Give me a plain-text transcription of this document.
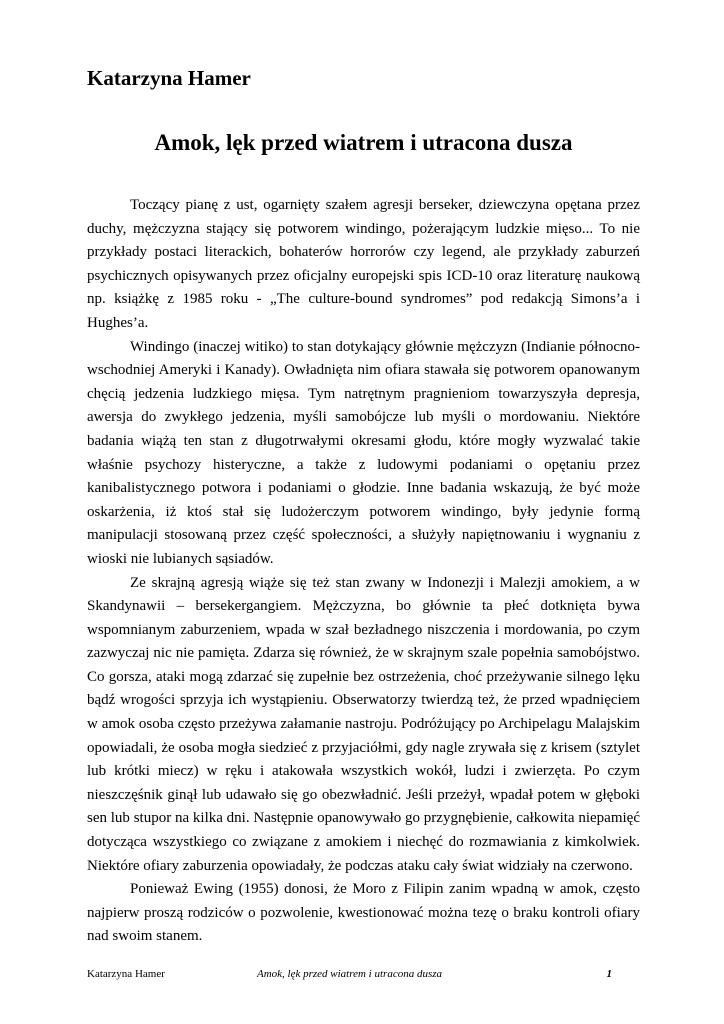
Katarzyna Hamer
Amok, lęk przed wiatrem i utracona dusza

Toczący pianę z ust, ogarnięty szałem agresji berseker, dziewczyna opętana przez duchy, mężczyzna stający się potworem windingo, pożerającym ludzkie mięso... To nie przykłady postaci literackich, bohaterów horrorów czy legend, ale przykłady zaburzeń psychicznych opisywanych przez oficjalny europejski spis ICD-10 oraz literaturę naukową np. książkę z 1985 roku - „The culture-bound syndromes” pod redakcją Simons’a i Hughes’a.

Windingo (inaczej witiko) to stan dotykający głównie mężczyzn (Indianie północno-wschodniej Ameryki i Kanady). Owładnięta nim ofiara stawała się potworem opanowanym chęcią jedzenia ludzkiego mięsa. Tym natrętnym pragnieniom towarzyszyła depresja, awersja do zwykłego jedzenia, myśli samobójcze lub myśli o mordowaniu. Niektóre badania wiążą ten stan z długotrwałymi okresami głodu, które mogły wyzwalać takie właśnie psychozy histeryczne, a także z ludowymi podaniami o opętaniu przez kanibalistycznego potwora i podaniami o głodzie. Inne badania wskazują, że być może oskarżenia, iż ktoś stał się ludożerczym potworem windingo, były jedynie formą manipulacji stosowaną przez część społeczności, a służyły napiętnowaniu i wygnaniu z wioski nie lubianych sąsiadów.

Ze skrajną agresją wiąże się też stan zwany w Indonezji i Malezji amokiem, a w Skandynawii – bersekergangiem. Mężczyzna, bo głównie ta płeć dotknięta bywa wspomnianym zaburzeniem, wpada w szał bezładnego niszczenia i mordowania, po czym zazwyczaj nic nie pamięta. Zdarza się również, że w skrajnym szale popełnia samobójstwo. Co gorsza, ataki mogą zdarzać się zupełnie bez ostrzeżenia, choć przeżywanie silnego lęku bądź wrogości sprzyja ich wystąpieniu. Obserwatorzy twierdzą też, że przed wpadnięciem w amok osoba często przeżywa załamanie nastroju. Podróżujący po Archipelagu Malajskim opowiadali, że osoba mogła siedzieć z przyjaciółmi, gdy nagle zrywała się z krisem (sztylet lub krótki miecz) w ręku i atakowała wszystkich wokół, ludzi i zwierzęta. Po czym nieszczęśnik ginął lub udawało się go obezwładnić. Jeśli przeżył, wpadał potem w głęboki sen lub stupor na kilka dni. Następnie opanowywało go przygnębienie, całkowita niepamięć dotycząca wszystkiego co związane z amokiem i niechęć do rozmawiania z kimkolwiek. Niektóre ofiary zaburzenia opowiadały, że podczas ataku cały świat widziały na czerwono.

Ponieważ Ewing (1955) donosi, że Moro z Filipin zanim wpadną w amok, często najpierw proszą rodziców o pozwolenie, kwestionować można tezę o braku kontroli ofiary nad swoim stanem.

Katarzyna Hamer	Amok, lęk przed wiatrem i utracona dusza	1
